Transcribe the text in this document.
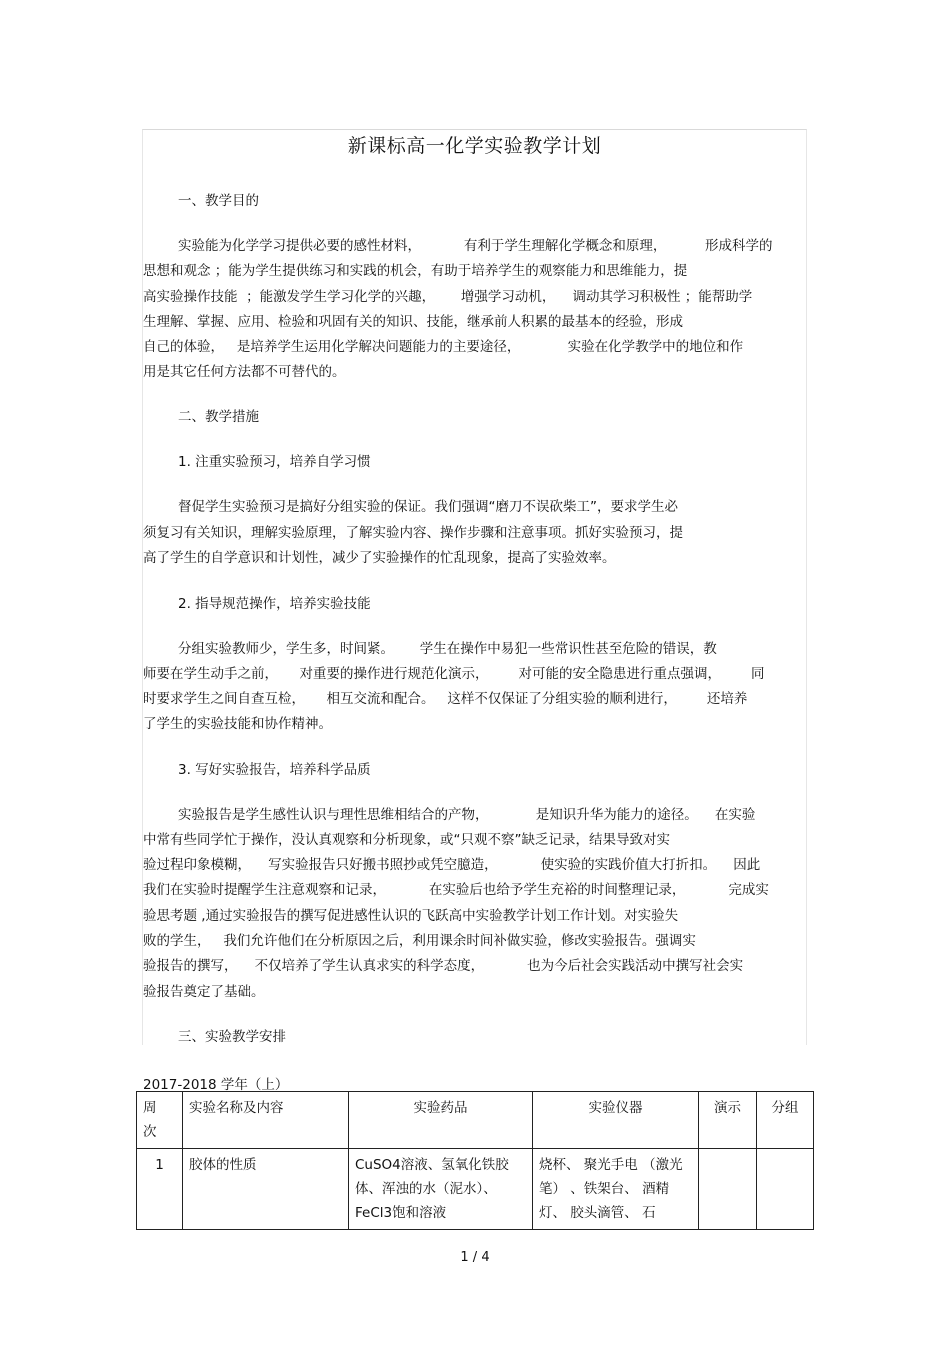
新课标高一化学实验教学计划
一、教学目的
实验能为化学学习提供必要的感性材料，          有利于学生理解化学概念和原理，         形成科学的
思想和观念 ；能为学生提供练习和实践的机会，有助于培养学生的观察能力和思维能力，提
高实验操作技能  ；能激发学生学习化学的兴趣，      增强学习动机，    调动其学习积极性 ；能帮助学
生理解、掌握、应用、检验和巩固有关的知识、技能，继承前人积累的最基本的经验，形成
自己的体验，   是培养学生运用化学解决问题能力的主要途径，           实验在化学教学中的地位和作
用是其它任何方法都不可替代的。
二、教学措施
1. 注重实验预习，培养自学习惯
督促学生实验预习是搞好分组实验的保证。我们强调“磨刀不误砍柴工”，要求学生必
须复习有关知识，理解实验原理，了解实验内容、操作步骤和注意事项。抓好实验预习，提
高了学生的自学意识和计划性，减少了实验操作的忙乱现象，提高了实验效率。
2. 指导规范操作，培养实验技能
分组实验教师少，学生多，时间紧。      学生在操作中易犯一些常识性甚至危险的错误，教
师要在学生动手之前，     对重要的操作进行规范化演示，       对可能的安全隐患进行重点强调，       同
时要求学生之间自查互检，     相互交流和配合。   这样不仅保证了分组实验的顺利进行，       还培养
了学生的实验技能和协作精神。
3. 写好实验报告，培养科学品质
实验报告是学生感性认识与理性思维相结合的产物，           是知识升华为能力的途径。    在实验
中常有些同学忙于操作，没认真观察和分析现象，或“只观不察”缺乏记录，结果导致对实
验过程印象模糊，    写实验报告只好搬书照抄或凭空臆造，          使实验的实践价值大打折扣。    因此
我们在实验时提醒学生注意观察和记录，          在实验后也给予学生充裕的时间整理记录，          完成实
验思考题 ,通过实验报告的撰写促进感性认识的飞跃高中实验教学计划工作计划。对实验失
败的学生，   我们允许他们在分析原因之后，利用课余时间补做实验，修改实验报告。强调实
验报告的撰写，    不仅培养了学生认真求实的科学态度，          也为今后社会实践活动中撰写社会实
验报告奠定了基础。
三、实验教学安排
2017-2018 学年（上）
周
次	实验名称及内容	实验药品	实验仪器	演示	分组
1	胶体的性质	CuSO4溶液、氢氧化铁胶体、浑浊的水（泥水）、FeCl3饱和溶液	烧杯、 聚光手电 （激光笔） 、铁架台、 酒精灯、 胶头滴管、 石		
1 / 4
